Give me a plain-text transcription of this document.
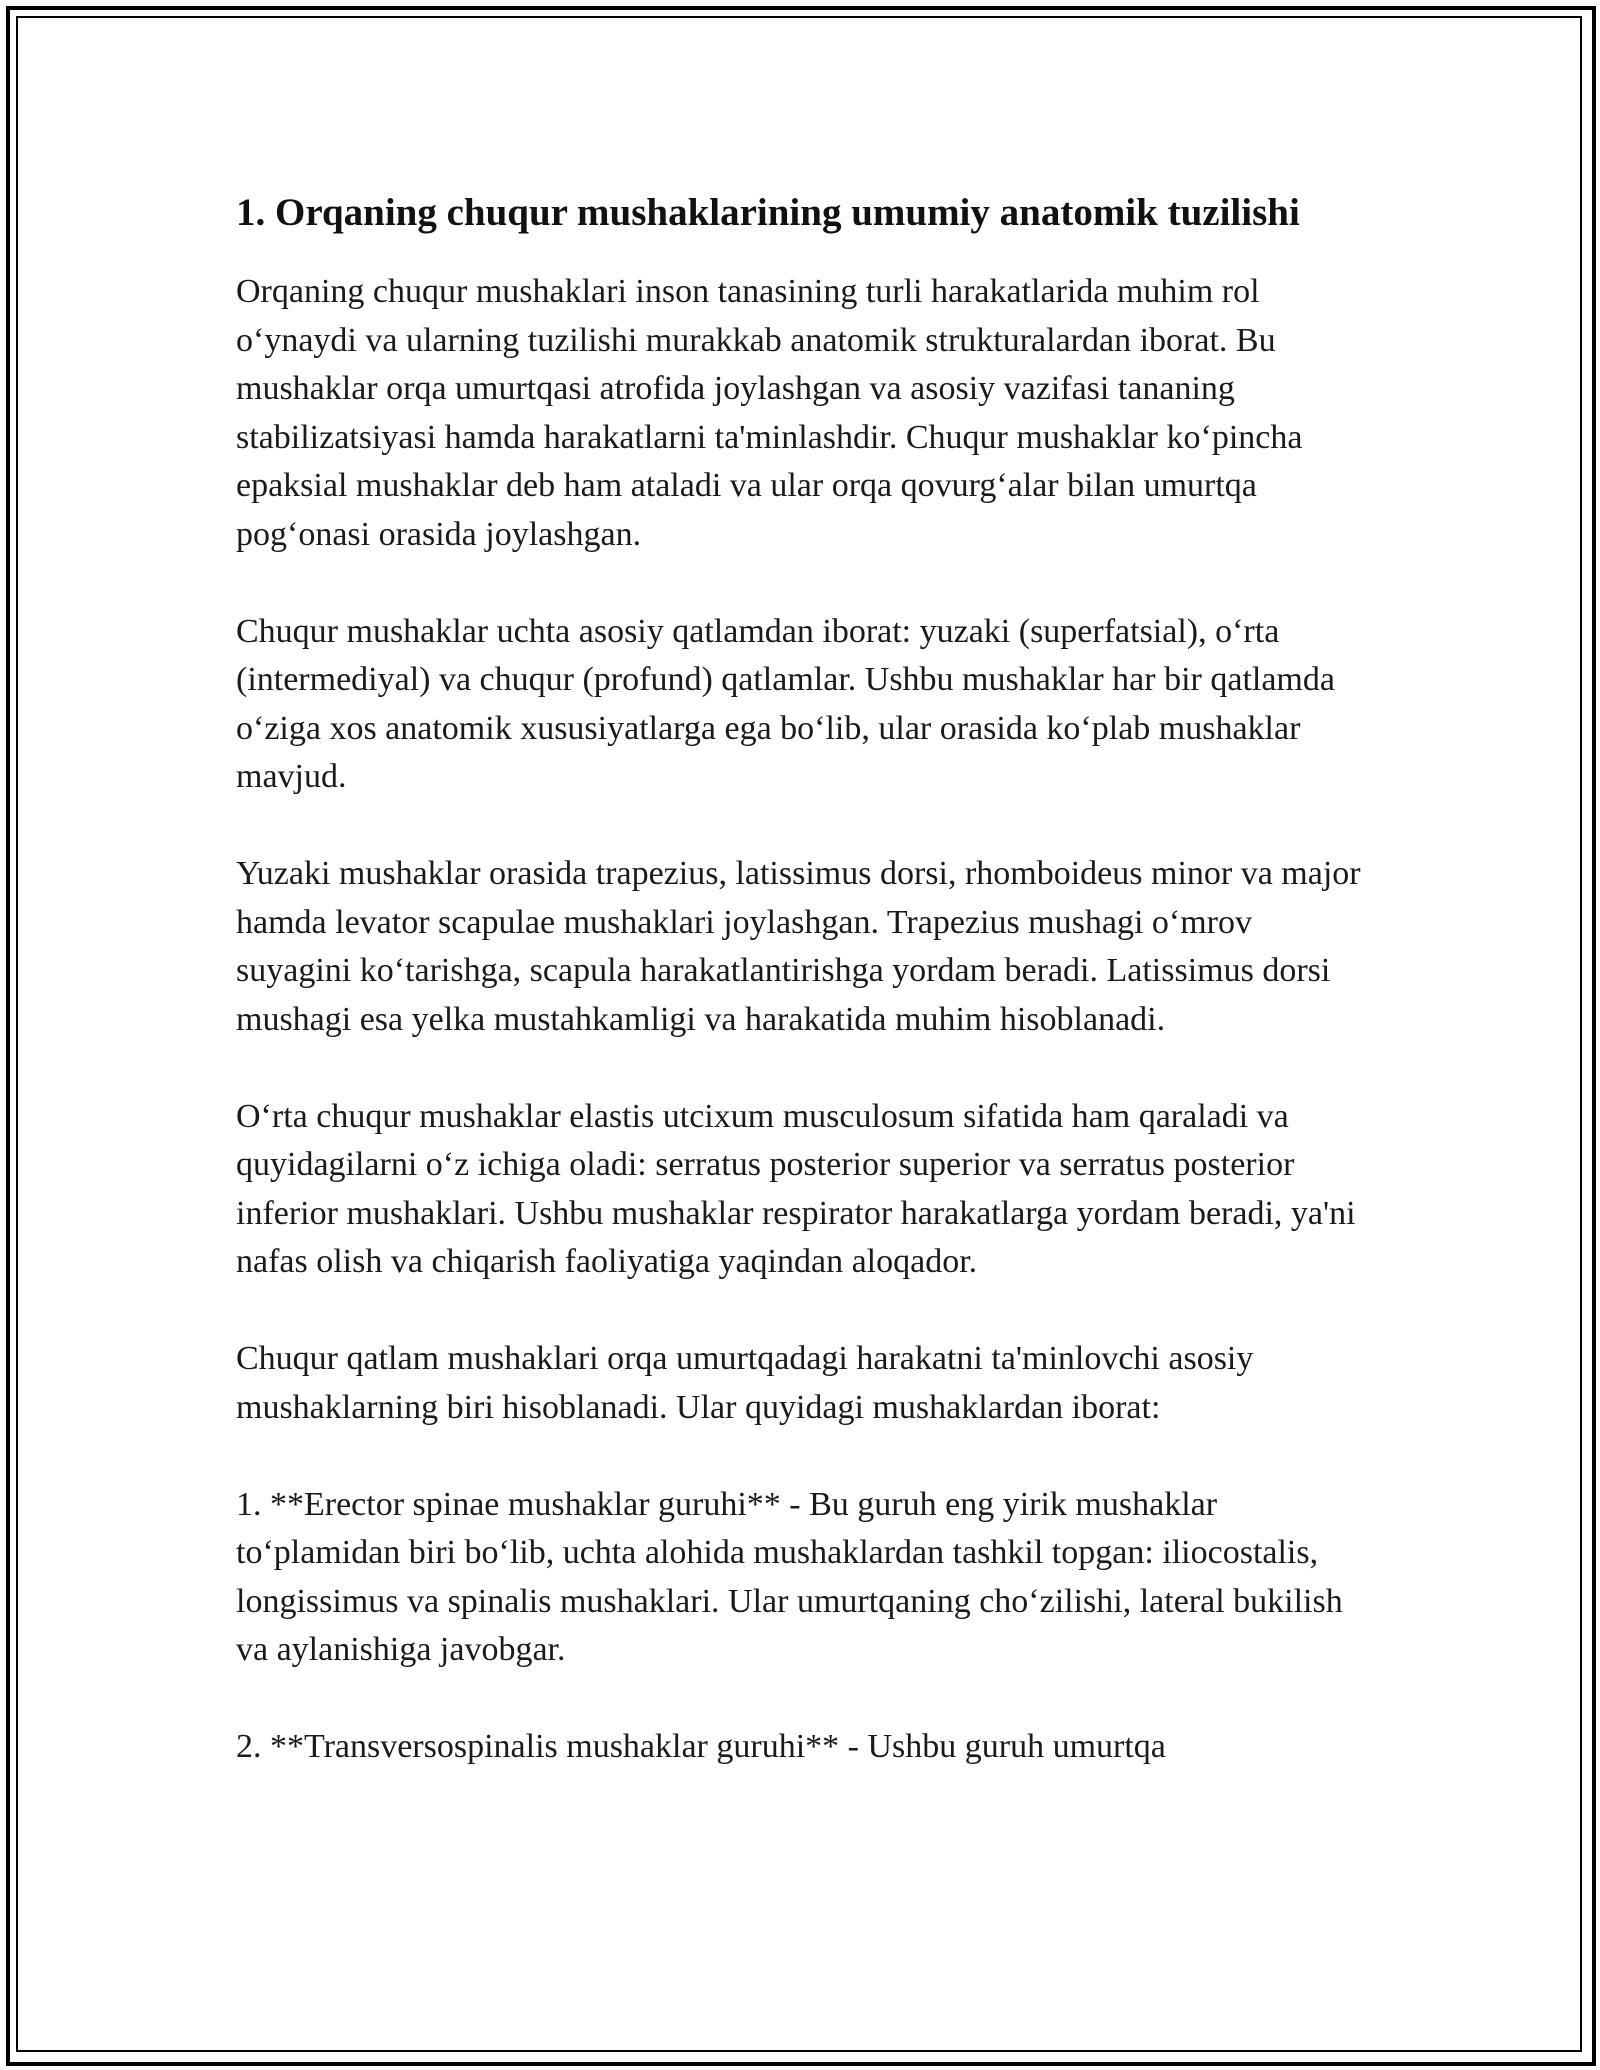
1. Orqaning chuqur mushaklarining umumiy anatomik tuzilishi

Orqaning chuqur mushaklari inson tanasining turli harakatlarida muhim rol o‘ynaydi va ularning tuzilishi murakkab anatomik strukturalardan iborat. Bu mushaklar orqa umurtqasi atrofida joylashgan va asosiy vazifasi tananing stabilizatsiyasi hamda harakatlarni ta'minlashdir. Chuqur mushaklar ko‘pincha epaksial mushaklar deb ham ataladi va ular orqa qovurg‘alar bilan umurtqa pog‘onasi orasida joylashgan.

Chuqur mushaklar uchta asosiy qatlamdan iborat: yuzaki (superfatsial), o‘rta (intermediyal) va chuqur (profund) qatlamlar. Ushbu mushaklar har bir qatlamda o‘ziga xos anatomik xususiyatlarga ega bo‘lib, ular orasida ko‘plab mushaklar mavjud.

Yuzaki mushaklar orasida trapezius, latissimus dorsi, rhomboideus minor va major hamda levator scapulae mushaklari joylashgan. Trapezius mushagi o‘mrov suyagini ko‘tarishga, scapula harakatlantirishga yordam beradi. Latissimus dorsi mushagi esa yelka mustahkamligi va harakatida muhim hisoblanadi.

O‘rta chuqur mushaklar elastis utcixum musculosum sifatida ham qaraladi va quyidagilarni o‘z ichiga oladi: serratus posterior superior va serratus posterior inferior mushaklari. Ushbu mushaklar respirator harakatlarga yordam beradi, ya'ni nafas olish va chiqarish faoliyatiga yaqindan aloqador.

Chuqur qatlam mushaklari orqa umurtqadagi harakatni ta'minlovchi asosiy mushaklarning biri hisoblanadi. Ular quyidagi mushaklardan iborat:

1. **Erector spinae mushaklar guruhi** - Bu guruh eng yirik mushaklar to‘plamidan biri bo‘lib, uchta alohida mushaklardan tashkil topgan: iliocostalis, longissimus va spinalis mushaklari. Ular umurtqaning cho‘zilishi, lateral bukilish va aylanishiga javobgar.

2. **Transversospinalis mushaklar guruhi** - Ushbu guruh umurtqa
